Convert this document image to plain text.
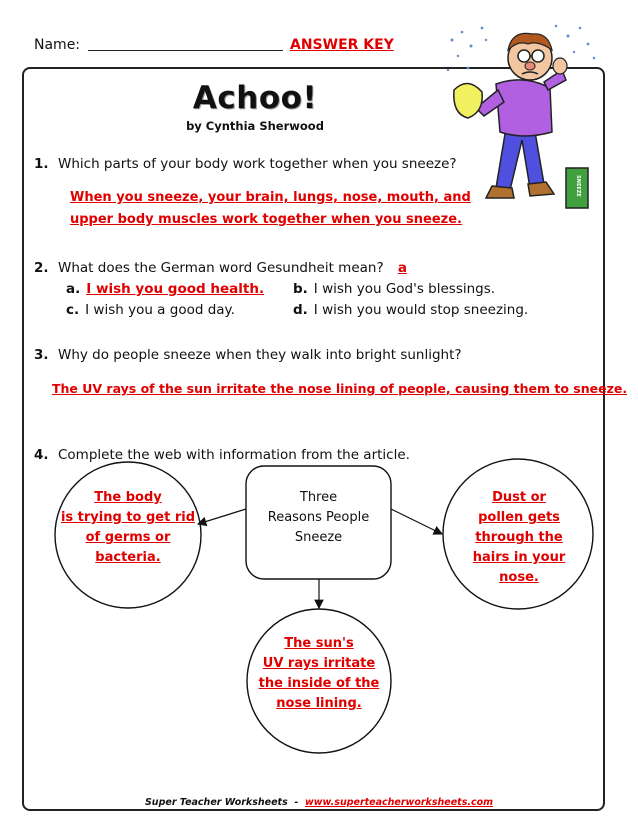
Name:	ANSWER KEY
Achoo!
by Cynthia Sherwood
SNEEZE
1. Which parts of your body work together when you sneeze?
When you sneeze, your brain, lungs, nose, mouth, and
upper body muscles work together when you sneeze.
2. What does the German word Gesundheit mean? a
a. I wish you good health. b. I wish you God's blessings.
c. I wish you a good day.	d. I wish you would stop sneezing.
3. Why do people sneeze when they walk into bright sunlight?
The UV rays of the sun irritate the nose lining of people, causing them to sneeze.
4. Complete the web with information from the article.
Three
Reasons People
Sneeze
The body
is trying to get rid
of germs or
bacteria.
Dust or
pollen gets
through the
hairs in your
nose.
The sun's
UV rays irritate
the inside of the
nose lining.
Super Teacher Worksheets - www.superteacherworksheets.com
